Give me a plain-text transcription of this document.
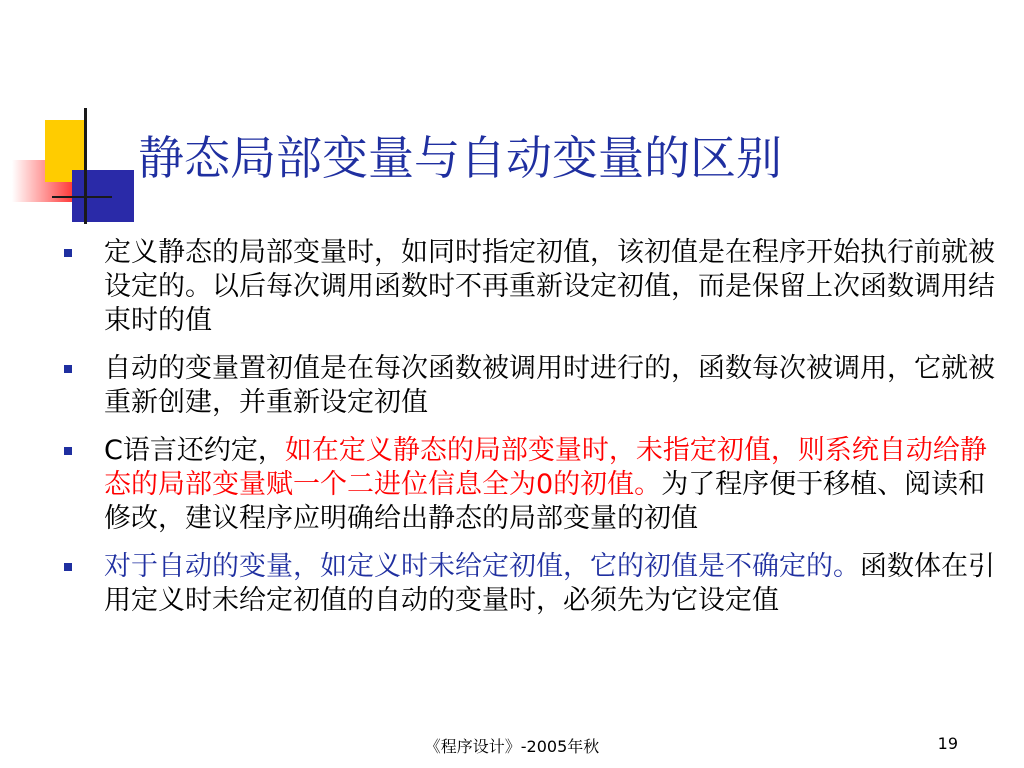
静态局部变量与自动变量的区别
定义静态的局部变量时，如同时指定初值，该初值是在程序开始执行前就被设定的。以后每次调用函数时不再重新设定初值，而是保留上次函数调用结束时的值
自动的变量置初值是在每次函数被调用时进行的，函数每次被调用，它就被重新创建，并重新设定初值
C语言还约定，如在定义静态的局部变量时，未指定初值，则系统自动给静态的局部变量赋一个二进位信息全为0的初值。为了程序便于移植、阅读和修改，建议程序应明确给出静态的局部变量的初值
对于自动的变量，如定义时未给定初值，它的初值是不确定的。函数体在引用定义时未给定初值的自动的变量时，必须先为它设定值
《程序设计》-2005年秋	19
